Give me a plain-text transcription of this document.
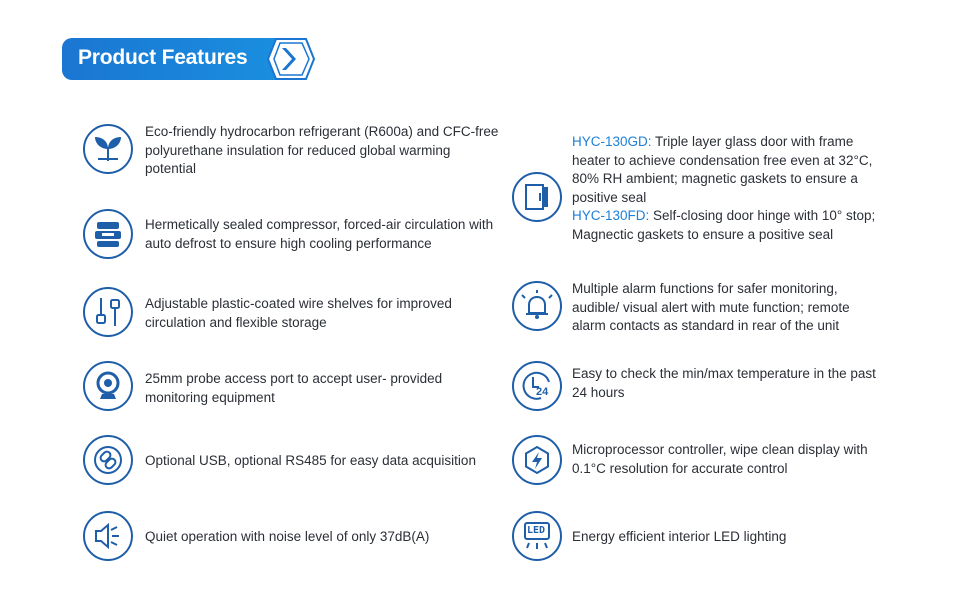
Product Features
Eco-friendly hydrocarbon refrigerant (R600a) and CFC-free polyurethane insulation for reduced global warming potential
Hermetically sealed compressor, forced-air circulation with auto defrost to ensure high cooling performance
Adjustable plastic-coated wire shelves for improved circulation and flexible storage
25mm probe access port to accept user- provided monitoring equipment
Optional USB, optional RS485 for easy data acquisition
Quiet operation with noise level of only 37dB(A)
HYC-130GD: Triple layer glass door with frame heater to achieve condensation free even at 32°C, 80% RH ambient; magnetic gaskets to ensure a positive seal
HYC-130FD: Self-closing door hinge with 10° stop; Magnectic gaskets to ensure a positive seal
Multiple alarm functions for safer monitoring, audible/ visual alert with mute function; remote alarm contacts as standard in rear of the unit
24
Easy to check the min/max temperature in the past 24 hours
Microprocessor controller, wipe clean display with 0.1°C resolution for accurate control
LED Energy efficient interior LED lighting
